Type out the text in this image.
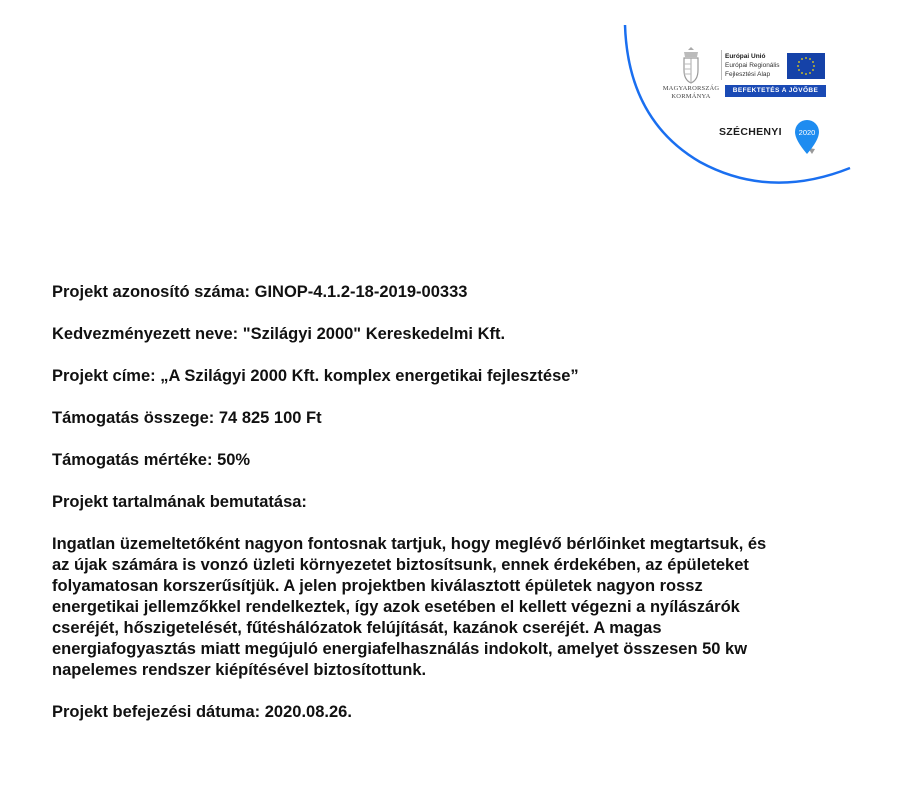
MAGYARORSZÁG
KORMÁNYA
Európai Unió
Európai Regionális
Fejlesztési Alap
BEFEKTETÉS A JÖVŐBE
SZÉCHENYI 2020

Projekt azonosító száma: GINOP-4.1.2-18-2019-00333

Kedvezményezett neve: "Szilágyi 2000" Kereskedelmi Kft.

Projekt címe: „A Szilágyi 2000 Kft. komplex energetikai fejlesztése”

Támogatás összege: 74 825 100 Ft

Támogatás mértéke: 50%

Projekt tartalmának bemutatása:

Ingatlan üzemeltetőként nagyon fontosnak tartjuk, hogy meglévő bérlőinket megtartsuk, és
az újak számára is vonzó üzleti környezetet biztosítsunk, ennek érdekében, az épületeket
folyamatosan korszerűsítjük. A jelen projektben kiválasztott épületek nagyon rossz
energetikai jellemzőkkel rendelkeztek, így azok esetében el kellett végezni a nyílászárók
cseréjét, hőszigetelését, fűtéshálózatok felújítását, kazánok cseréjét. A magas
energiafogyasztás miatt megújuló energiafelhasználás indokolt, amelyet összesen 50 kw
napelemes rendszer kiépítésével biztosítottunk.

Projekt befejezési dátuma: 2020.08.26.
